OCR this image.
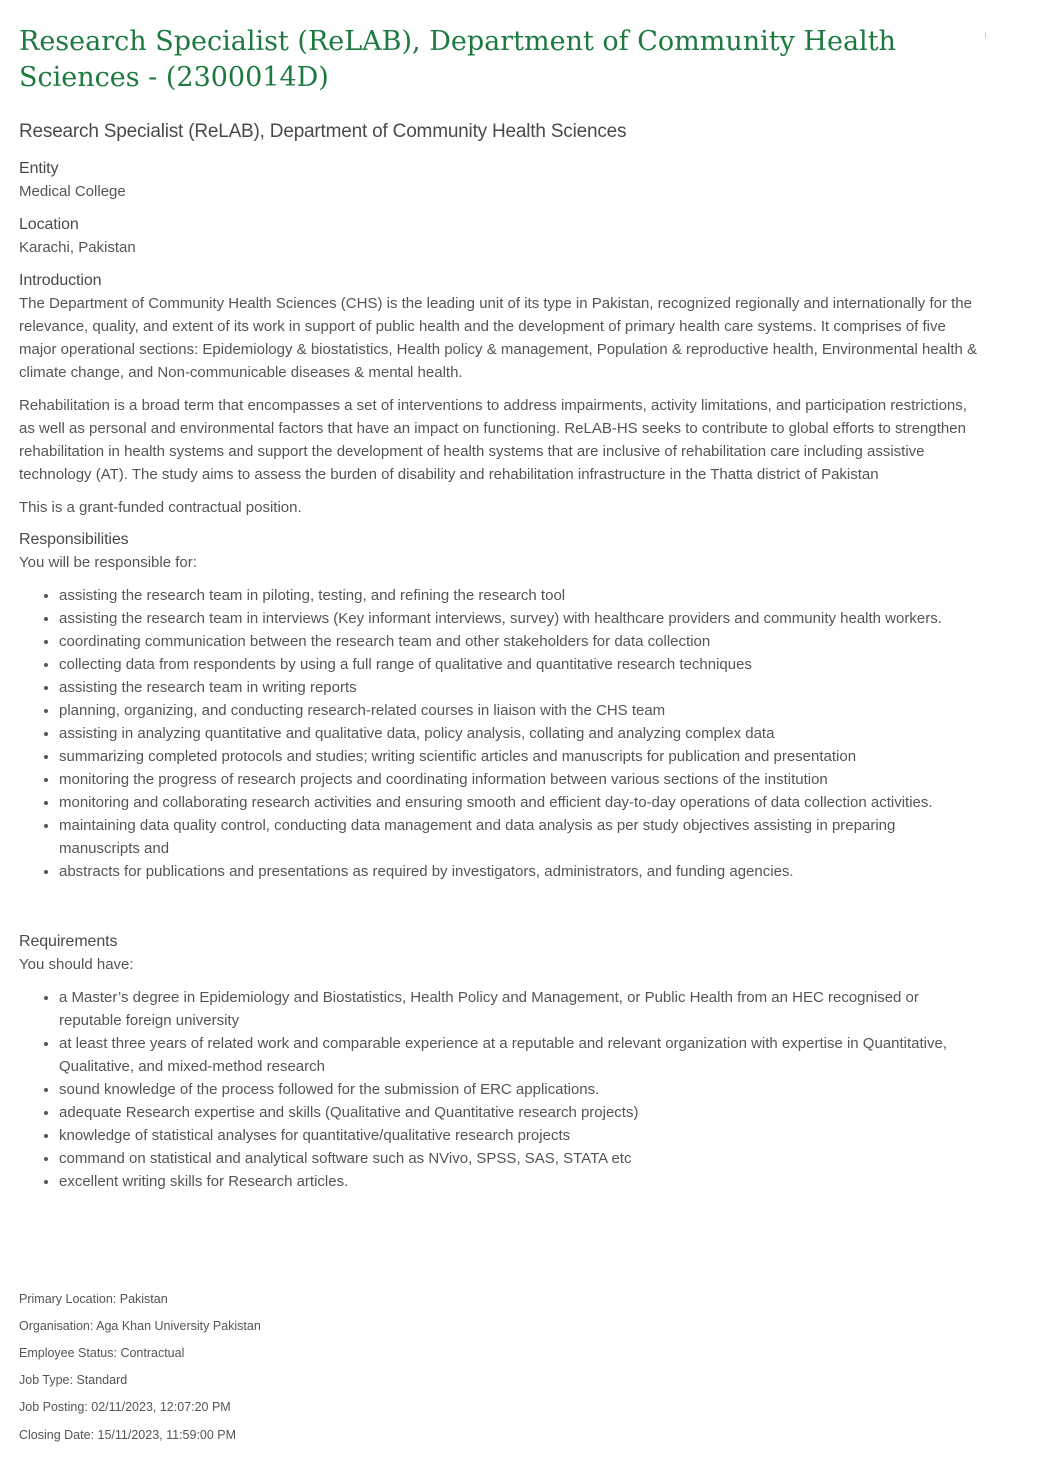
Research Specialist (ReLAB), Department of Community Health Sciences - (2300014D)
Research Specialist (ReLAB), Department of Community Health Sciences
Entity
Medical College
Location
Karachi, Pakistan
Introduction

The Department of Community Health Sciences (CHS) is the leading unit of its type in Pakistan, recognized regionally and internationally for the relevance, quality, and extent of its work in support of public health and the development of primary health care systems. It comprises of five major operational sections: Epidemiology & biostatistics, Health policy & management, Population & reproductive health, Environmental health & climate change, and Non-communicable diseases & mental health.

Rehabilitation is a broad term that encompasses a set of interventions to address impairments, activity limitations, and participation restrictions, as well as personal and environmental factors that have an impact on functioning. ReLAB-HS seeks to contribute to global efforts to strengthen rehabilitation in health systems and support the development of health systems that are inclusive of rehabilitation care including assistive technology (AT). The study aims to assess the burden of disability and rehabilitation infrastructure in the Thatta district of Pakistan

This is a grant-funded contractual position.

Responsibilities
You will be responsible for:
• assisting the research team in piloting, testing, and refining the research tool
• assisting the research team in interviews (Key informant interviews, survey) with healthcare providers and community health workers.
• coordinating communication between the research team and other stakeholders for data collection
• collecting data from respondents by using a full range of qualitative and quantitative research techniques
• assisting the research team in writing reports
• planning, organizing, and conducting research-related courses in liaison with the CHS team
• assisting in analyzing quantitative and qualitative data, policy analysis, collating and analyzing complex data
• summarizing completed protocols and studies; writing scientific articles and manuscripts for publication and presentation
• monitoring the progress of research projects and coordinating information between various sections of the institution
• monitoring and collaborating research activities and ensuring smooth and efficient day-to-day operations of data collection activities.
• maintaining data quality control, conducting data management and data analysis as per study objectives assisting in preparing manuscripts and
• abstracts for publications and presentations as required by investigators, administrators, and funding agencies.
Requirements
You should have:
• a Master’s degree in Epidemiology and Biostatistics, Health Policy and Management, or Public Health from an HEC recognised or reputable foreign university
• at least three years of related work and comparable experience at a reputable and relevant organization with expertise in Quantitative, Qualitative, and mixed-method research
• sound knowledge of the process followed for the submission of ERC applications.
• adequate Research expertise and skills (Qualitative and Quantitative research projects)
• knowledge of statistical analyses for quantitative/qualitative research projects
• command on statistical and analytical software such as NVivo, SPSS, SAS, STATA etc
• excellent writing skills for Research articles.
Primary Location: Pakistan
Organisation: Aga Khan University Pakistan
Employee Status: Contractual
Job Type: Standard
Job Posting: 02/11/2023, 12:07:20 PM
Closing Date: 15/11/2023, 11:59:00 PM
